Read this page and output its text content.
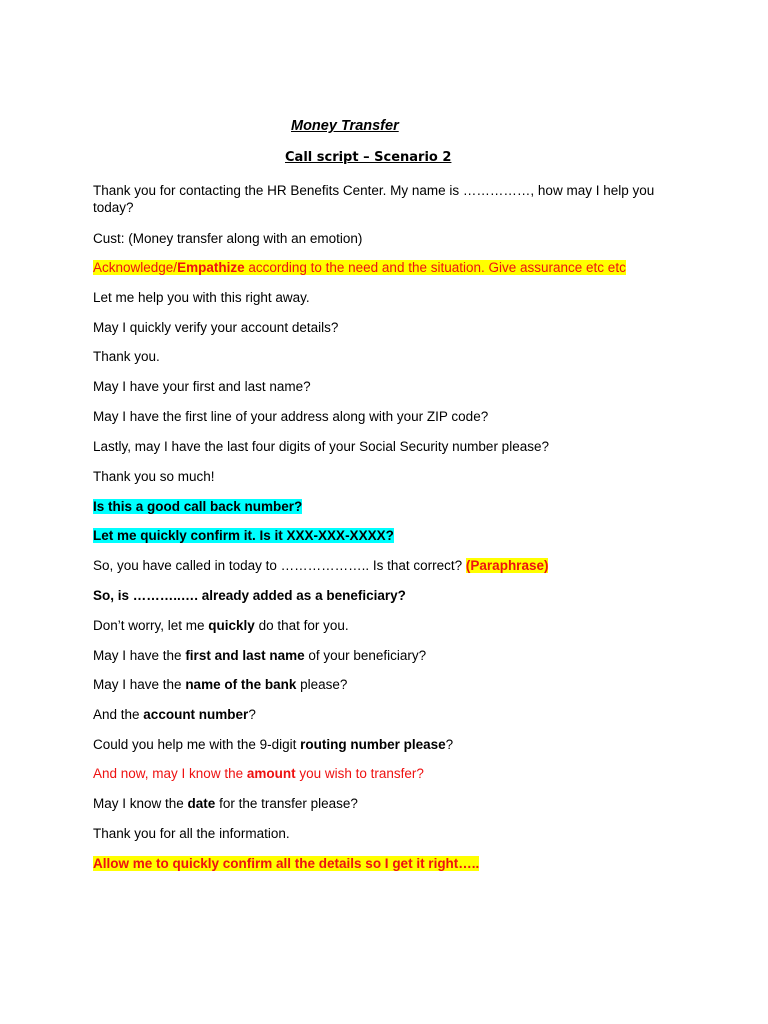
Money Transfer
Call script – Scenario 2
Thank you for contacting the HR Benefits Center. My name is ……………, how may I help you today?
Cust: (Money transfer along with an emotion)
Acknowledge/Empathize according to the need and the situation. Give assurance etc etc
Let me help you with this right away.
May I quickly verify your account details?
Thank you.
May I have your first and last name?
May I have the first line of your address along with your ZIP code?
Lastly, may I have the last four digits of your Social Security number please?
Thank you so much!
Is this a good call back number?
Let me quickly confirm it. Is it XXX-XXX-XXXX?
So, you have called in today to ……………….. Is that correct? (Paraphrase)
So, is ………..…. already added as a beneficiary?
Don’t worry, let me quickly do that for you.
May I have the first and last name of your beneficiary?
May I have the name of the bank please?
And the account number?
Could you help me with the 9-digit routing number please?
And now, may I know the amount you wish to transfer?
May I know the date for the transfer please?
Thank you for all the information.
Allow me to quickly confirm all the details so I get it right…..
